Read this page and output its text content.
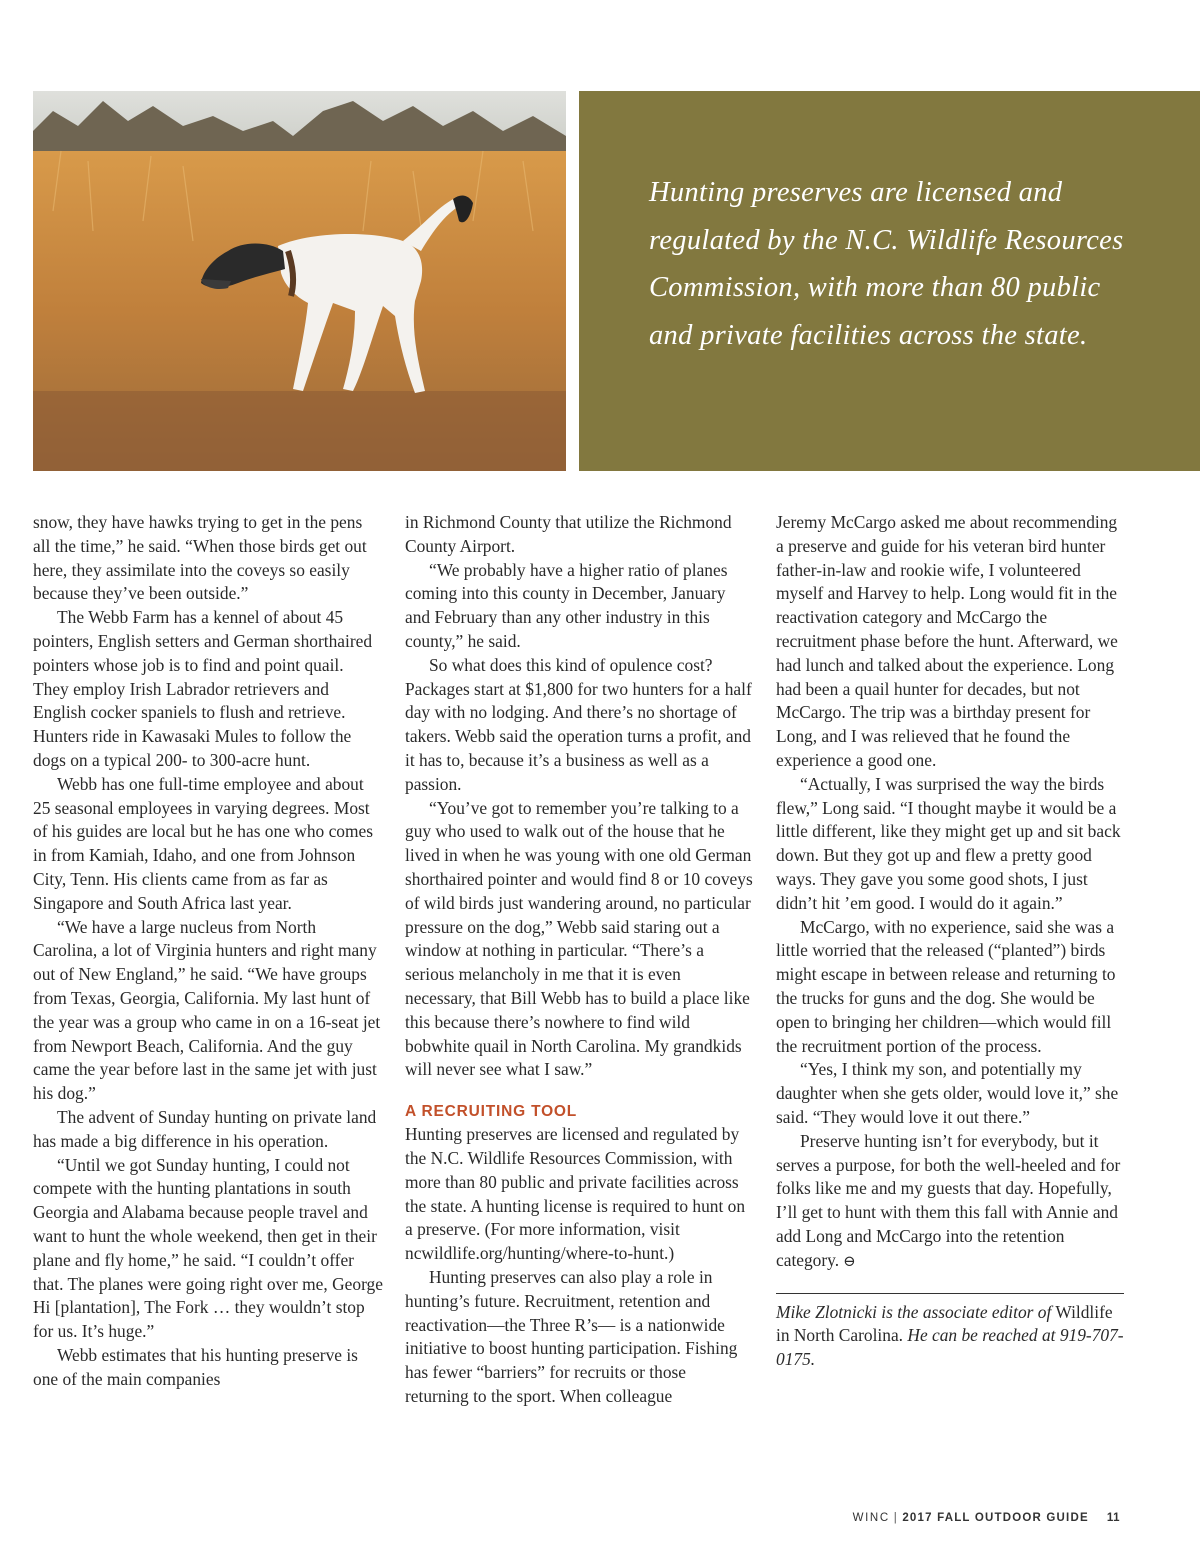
Hunting preserves are licensed and regulated by the N.C. Wildlife Resources Commission, with more than 80 public and private facilities across the state.

snow, they have hawks trying to get in the pens all the time,” he said. “When those birds get out here, they assimilate into the coveys so easily because they’ve been outside.”

The Webb Farm has a kennel of about 45 pointers, English setters and German shorthaired pointers whose job is to find and point quail. They employ Irish Labrador retrievers and English cocker spaniels to flush and retrieve. Hunters ride in Kawasaki Mules to follow the dogs on a typical 200- to 300-acre hunt.

Webb has one full-time employee and about 25 seasonal employees in varying degrees. Most of his guides are local but he has one who comes in from Kamiah, Idaho, and one from Johnson City, Tenn. His clients came from as far as Singapore and South Africa last year.

“We have a large nucleus from North Carolina, a lot of Virginia hunters and right many out of New England,” he said. “We have groups from Texas, Georgia, California. My last hunt of the year was a group who came in on a 16-seat jet from Newport Beach, California. And the guy came the year before last in the same jet with just his dog.”

The advent of Sunday hunting on private land has made a big difference in his operation.

“Until we got Sunday hunting, I could not compete with the hunting plantations in south Georgia and Alabama because people travel and want to hunt the whole weekend, then get in their plane and fly home,” he said. “I couldn’t offer that. The planes were going right over me, George Hi [plantation], The Fork … they wouldn’t stop for us. It’s huge.”

Webb estimates that his hunting preserve is one of the main companies

in Richmond County that utilize the Richmond County Airport.

“We probably have a higher ratio of planes coming into this county in December, January and February than any other industry in this county,” he said.

So what does this kind of opulence cost? Packages start at $1,800 for two hunters for a half day with no lodging. And there’s no shortage of takers. Webb said the operation turns a profit, and it has to, because it’s a business as well as a passion.

“You’ve got to remember you’re talking to a guy who used to walk out of the house that he lived in when he was young with one old German shorthaired pointer and would find 8 or 10 coveys of wild birds just wandering around, no particular pressure on the dog,” Webb said staring out a window at nothing in particular. “There’s a serious melancholy in me that it is even necessary, that Bill Webb has to build a place like this because there’s nowhere to find wild bobwhite quail in North Carolina. My grandkids will never see what I saw.”

A RECRUITING TOOL

Hunting preserves are licensed and regulated by the N.C. Wildlife Resources Commission, with more than 80 public and private facilities across the state. A hunting license is required to hunt on a preserve. (For more information, visit ncwildlife.org/hunting/where-to-hunt.)

Hunting preserves can also play a role in hunting’s future. Recruitment, retention and reactivation—the Three R’s— is a nationwide initiative to boost hunting participation. Fishing has fewer “barriers” for recruits or those returning to the sport. When colleague

Jeremy McCargo asked me about recommending a preserve and guide for his veteran bird hunter father-in-law and rookie wife, I volunteered myself and Harvey to help. Long would fit in the reactivation category and McCargo the recruitment phase before the hunt. Afterward, we had lunch and talked about the experience. Long had been a quail hunter for decades, but not McCargo. The trip was a birthday present for Long, and I was relieved that he found the experience a good one.

“Actually, I was surprised the way the birds flew,” Long said. “I thought maybe it would be a little different, like they might get up and sit back down. But they got up and flew a pretty good ways. They gave you some good shots, I just didn’t hit ’em good. I would do it again.”

McCargo, with no experience, said she was a little worried that the released (“planted”) birds might escape in between release and returning to the trucks for guns and the dog. She would be open to bringing her children—which would fill the recruitment portion of the process.

“Yes, I think my son, and potentially my daughter when she gets older, would love it,” she said. “They would love it out there.”

Preserve hunting isn’t for everybody, but it serves a purpose, for both the well-heeled and for folks like me and my guests that day. Hopefully, I’ll get to hunt with them this fall with Annie and add Long and McCargo into the retention category. ⊖

Mike Zlotnicki is the associate editor of Wildlife in North Carolina. He can be reached at 919-707-0175.

WINC | 2017 FALL OUTDOOR GUIDE 11
